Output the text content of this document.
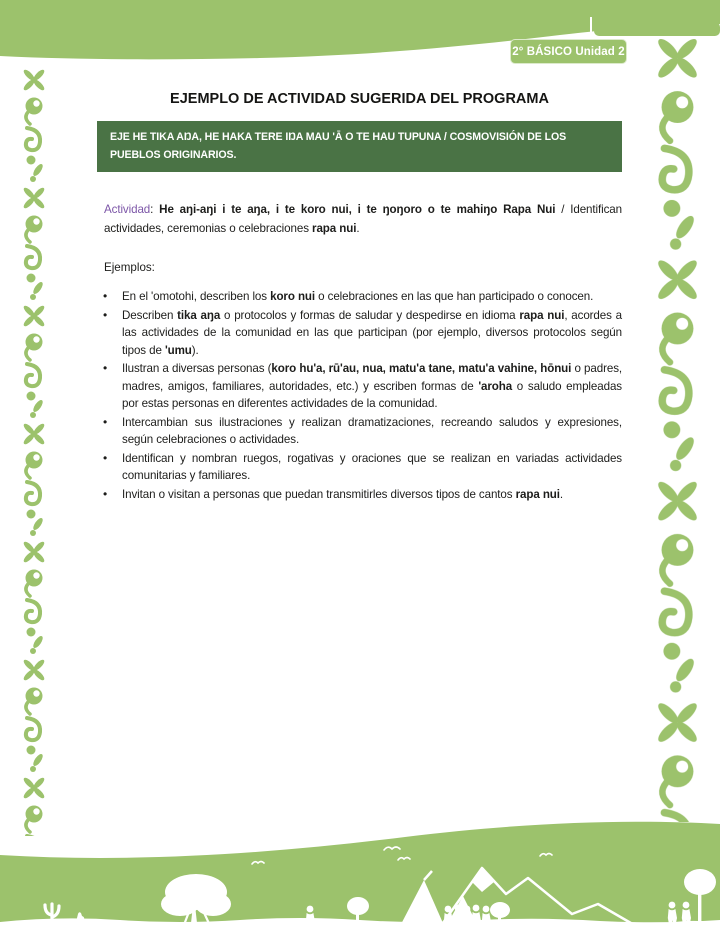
2° BÁSICO Unidad 2
EJEMPLO DE ACTIVIDAD SUGERIDA DEL PROGRAMA
EJE HE TIKA AŊA, HE HAKA TERE IŊA MAU 'Ā O TE HAU TUPUNA / COSMOVISIÓN DE LOS PUEBLOS ORIGINARIOS.

Actividad: He aŋi-aŋi i te aŋa, i te koro nui, i te ŋoŋoro o te mahiŋo Rapa Nui / Identifican actividades, ceremonias o celebraciones rapa nui.

Ejemplos:
• En el 'omotohi, describen los koro nui o celebraciones en las que han participado o conocen.
• Describen tika aŋa o protocolos y formas de saludar y despedirse en idioma rapa nui, acordes a las actividades de la comunidad en las que participan (por ejemplo, diversos protocolos según tipos de 'umu).
• Ilustran a diversas personas (koro hu'a, rū'au, nua, matu'a tane, matu'a vahine, hōnui o padres, madres, amigos, familiares, autoridades, etc.) y escriben formas de 'aroha o saludo empleadas por estas personas en diferentes actividades de la comunidad.
• Intercambian sus ilustraciones y realizan dramatizaciones, recreando saludos y expresiones, según celebraciones o actividades.
• Identifican y nombran ruegos, rogativas y oraciones que se realizan en variadas actividades comunitarias y familiares.
• Invitan o visitan a personas que puedan transmitirles diversos tipos de cantos rapa nui.
